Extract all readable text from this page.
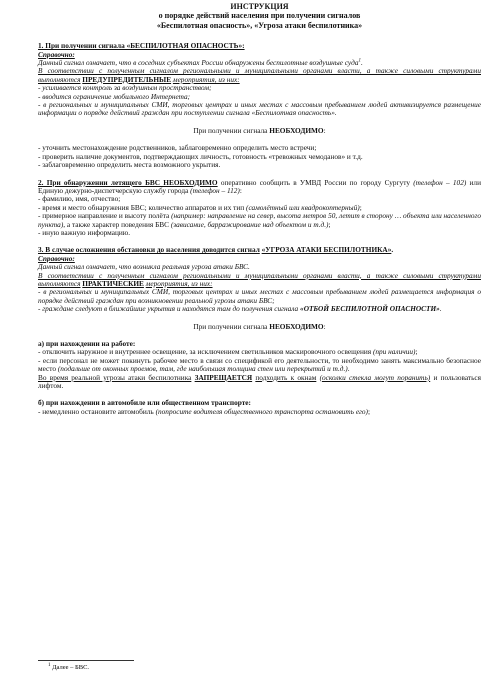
ИНСТРУКЦИЯ
о порядке действий населения при получении сигналов
«Беспилотная опасность», «Угроза атаки беспилотника»

1. При получении сигнала «БЕСПИЛОТНАЯ ОПАСНОСТЬ»:

Справочно:

Данный сигнал означает, что в соседних субъектах России обнаружены беспилотные воздушные суда$^1$.

В соответствии с полученным сигналом региональными и муниципальными органами власти, а также силовыми структурами выполняются ПРЕДУПРЕДИТЕЛЬНЫЕ мероприятия, из них:

- усиливается контроль за воздушным пространством;

- вводится ограничение мобильного Интернета;

- в региональных и муниципальных СМИ, торговых центрах и иных местах с массовым пребыванием людей активизируется размещение информации о порядке действий граждан при поступлении сигнала «Беспилотная опасность».

При получении сигнала НЕОБХОДИМО:

- уточнить местонахождение родственников, заблаговременно определить место встречи;

- проверить наличие документов, подтверждающих личность, готовность «тревожных чемоданов» и т.д.

- заблаговременно определить места возможного укрытия.

2. При обнаружении летящего БВС НЕОБХОДИМО оперативно сообщить в УМВД России по городу Сургуту (телефон – 102) или Единую дежурно-диспетчерскую службу города (телефон – 112):

- фамилию, имя, отчество;

- время и место обнаружения БВС; количество аппаратов и их тип (самолётный или квадрокоптерный);

- примерное направление и высоту полёта (например: направление на север, высота метров 50, летит в сторону … объекта или населенного пункта), а также характер поведения БВС (зависание, барражирование над объектом и т.д.);

- иную важную информацию.

3. В случае осложнения обстановки до населения доводится сигнал «УГРОЗА АТАКИ БЕСПИЛОТНИКА».

Справочно:

Данный сигнал означает, что возникла реальная угроза атаки БВС.

В соответствии с полученным сигналом региональными и муниципальными органами власти, а также силовыми структурами выполняются ПРАКТИЧЕСКИЕ мероприятия, из них:

- в региональных и муниципальных СМИ, торговых центрах и иных местах с массовым пребыванием людей размещается информация о порядке действий граждан при возникновении реальной угрозы атаки БВС;

- граждане следуют в ближайшие укрытия и находятся там до получения сигнала «ОТБОЙ БЕСПИЛОТНОЙ ОПАСНОСТИ».

При получении сигнала НЕОБХОДИМО:

а) при нахождении на работе:

- отключить наружное и внутреннее освещение, за исключением светильников маскировочного освещения (при наличии);

- если персонал не может покинуть рабочее место в связи со спецификой его деятельности, то необходимо занять максимально безопасное место (подальше от оконных проемов, там, где наибольшая толщина стен или перекрытий и т.д.).

Во время реальной угрозы атаки беспилотника ЗАПРЕЩАЕТСЯ подходить к окнам (осколки стекла могут поранить) и пользоваться лифтом.

б) при нахождении в автомобиле или общественном транспорте:

- немедленно остановите автомобиль (попросите водителя общественного транспорта остановить его);

$^1$ Далее – БВС.
